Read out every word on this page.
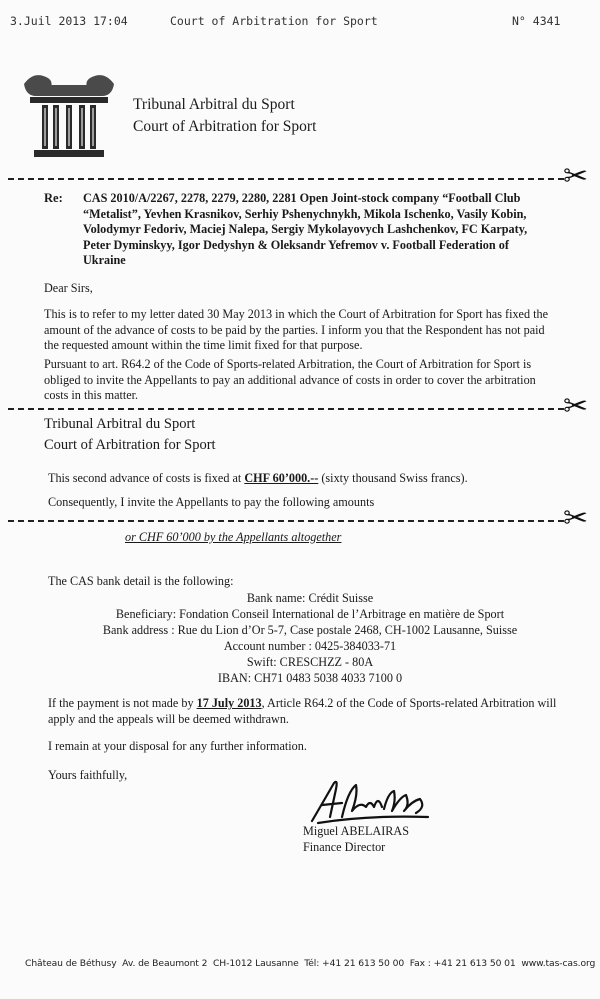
3.Juil 2013 17:04	Court of Arbitration for Sport	N° 4341
Tribunal Arbitral du Sport
Court of Arbitration for Sport
✂
Re: CAS 2010/A/2267, 2278, 2279, 2280, 2281 Open Joint-stock company “Football Club “Metalist”, Yevhen Krasnikov, Serhiy Pshenychnykh, Mikola Ischenko, Vasily Kobin, Volodymyr Fedoriv, Maciej Nalepa, Sergiy Mykolayovych Lashchenkov, FC Karpaty, Peter Dyminskyy, Igor Dedyshyn & Oleksandr Yefremov v. Football Federation of Ukraine
Dear Sirs,
This is to refer to my letter dated 30 May 2013 in which the Court of Arbitration for Sport has fixed the amount of the advance of costs to be paid by the parties. I inform you that the Respondent has not paid the requested amount within the time limit fixed for that purpose.
Pursuant to art. R64.2 of the Code of Sports-related Arbitration, the Court of Arbitration for Sport is obliged to invite the Appellants to pay an additional advance of costs in order to cover the arbitration costs in this matter.	✂
Tribunal Arbitral du Sport
Court of Arbitration for Sport
This second advance of costs is fixed at CHF 60’000.-- (sixty thousand Swiss francs).
Consequently, I invite the Appellants to pay the following amounts	✂
or CHF 60’000 by the Appellants altogether
The CAS bank detail is the following:
Bank name: Crédit Suisse
Beneficiary: Fondation Conseil International de l’Arbitrage en matière de Sport
Bank address : Rue du Lion d’Or 5-7, Case postale 2468, CH-1002 Lausanne, Suisse
Account number : 0425-384033-71
Swift: CRESCHZZ - 80A
IBAN: CH71 0483 5038 4033 7100 0
If the payment is not made by 17 July 2013, Article R64.2 of the Code of Sports-related Arbitration will apply and the appeals will be deemed withdrawn.
I remain at your disposal for any further information.
Yours faithfully,
Miguel ABELAIRAS
Finance Director
Château de Béthusy  Av. de Beaumont 2  CH-1012 Lausanne  Tél: +41 21 613 50 00  Fax : +41 21 613 50 01  www.tas-cas.org
